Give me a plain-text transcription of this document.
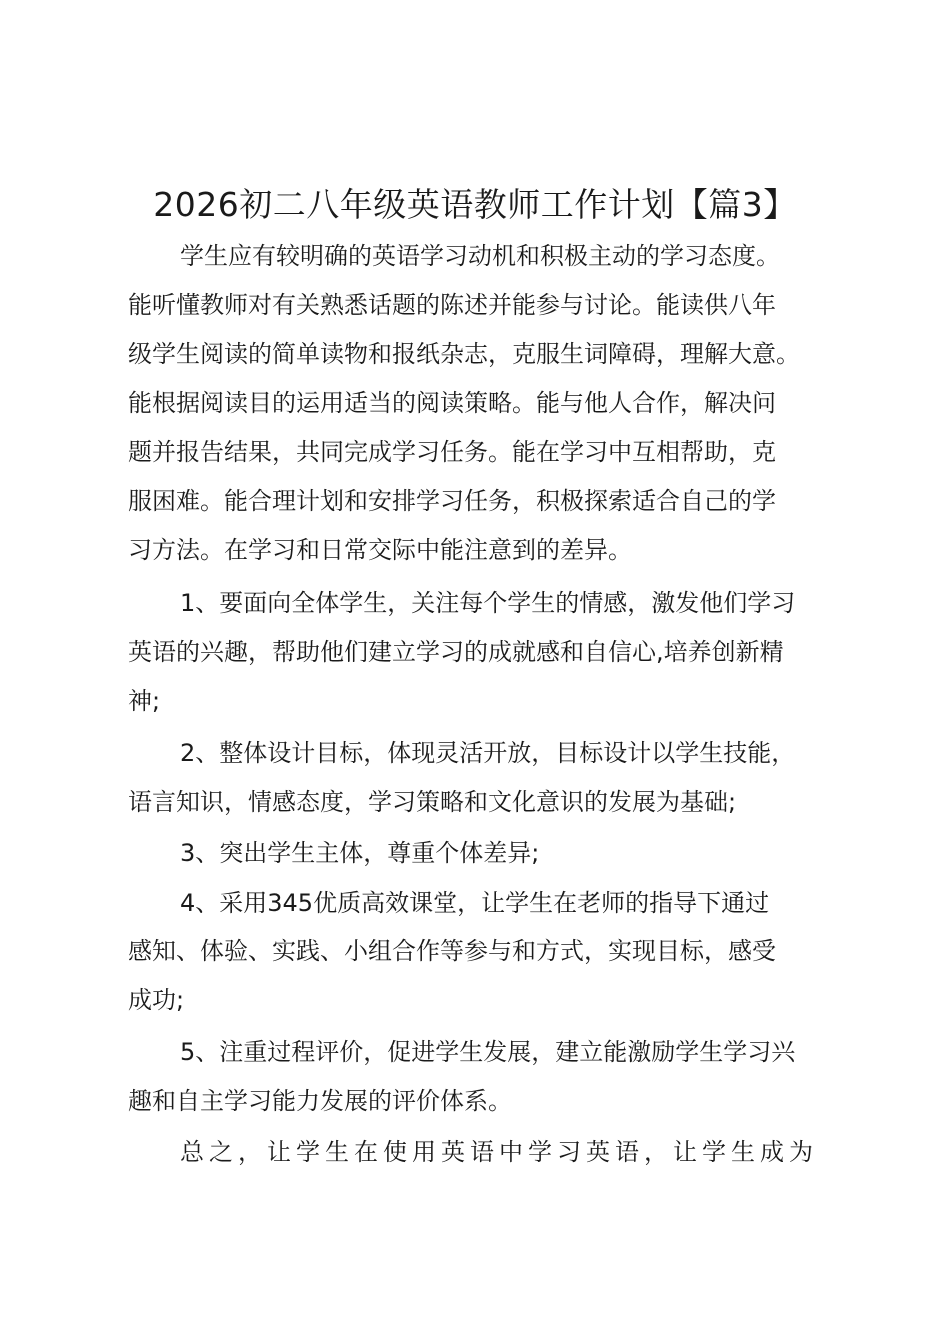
2026初二八年级英语教师工作计划【篇3】
学生应有较明确的英语学习动机和积极主动的学习态度。
能听懂教师对有关熟悉话题的陈述并能参与讨论。能读供八年
级学生阅读的简单读物和报纸杂志，克服生词障碍，理解大意。
能根据阅读目的运用适当的阅读策略。能与他人合作，解决问
题并报告结果，共同完成学习任务。能在学习中互相帮助，克
服困难。能合理计划和安排学习任务，积极探索适合自己的学
习方法。在学习和日常交际中能注意到的差异。
1、要面向全体学生，关注每个学生的情感，激发他们学习
英语的兴趣，帮助他们建立学习的成就感和自信心,培养创新精
神;
2、整体设计目标，体现灵活开放，目标设计以学生技能，
语言知识，情感态度，学习策略和文化意识的发展为基础;
3、突出学生主体，尊重个体差异;
4、采用345优质高效课堂，让学生在老师的指导下通过
感知、体验、实践、小组合作等参与和方式，实现目标，感受
成功;
5、注重过程评价，促进学生发展，建立能激励学生学习兴
趣和自主学习能力发展的评价体系。
总之，让学生在使用英语中学习英语，让学生成为
